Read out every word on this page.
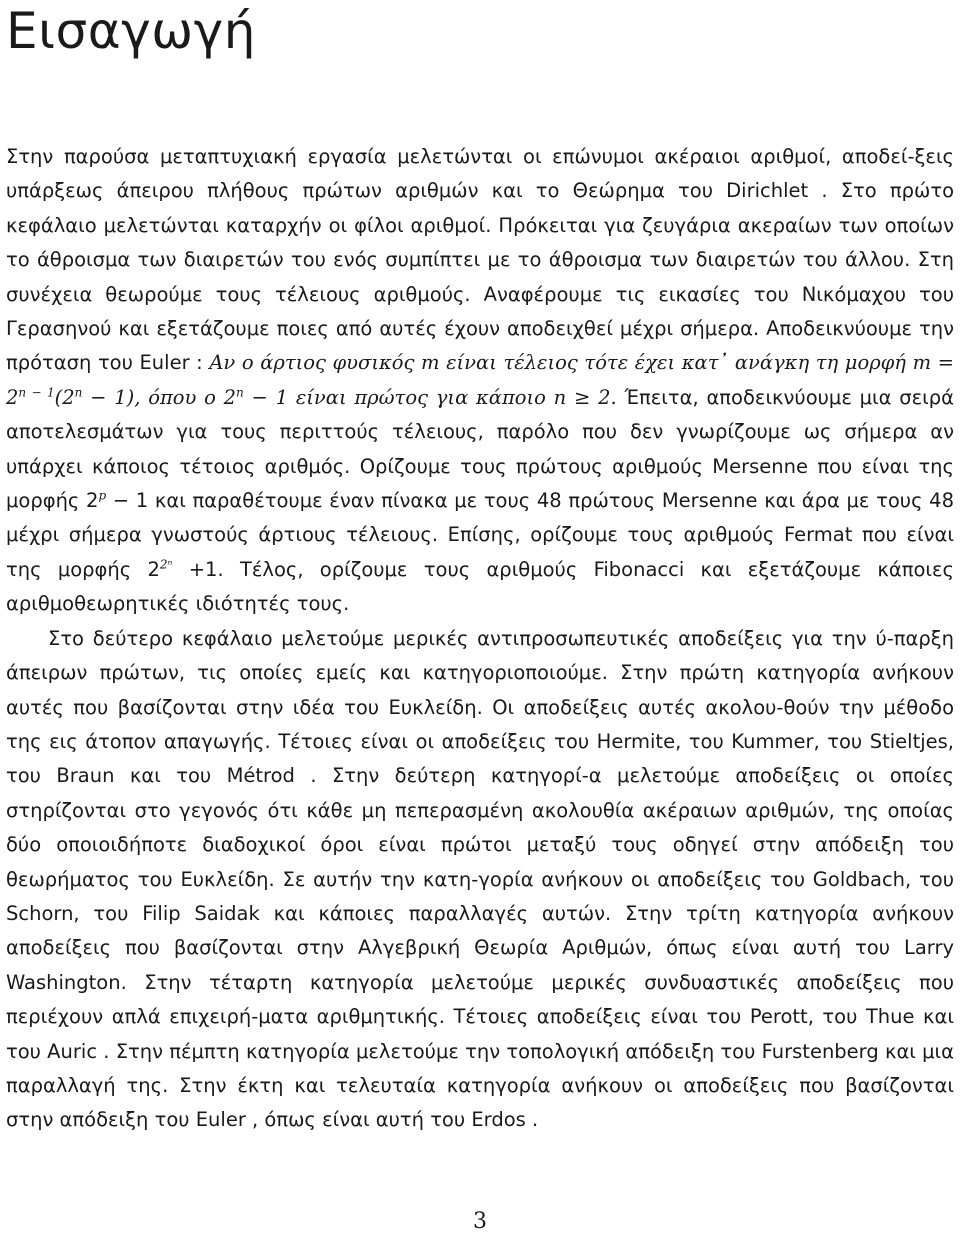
Εισαγωγή

Στην παρούσα μεταπτυχιακή εργασία μελετώνται οι επώνυμοι ακέραιοι αριθμοί, αποδεί-ξεις υπάρξεως άπειρου πλήθους πρώτων αριθμών και το Θεώρημα του Dirichlet . Στο πρώτο κεφάλαιο μελετώνται καταρχήν οι φίλοι αριθμοί. Πρόκειται για ζευγάρια ακεραίων των οποίων το άθροισμα των διαιρετών του ενός συμπίπτει με το άθροισμα των διαιρετών του άλλου. Στη συνέχεια θεωρούμε τους τέλειους αριθμούς. Αναφέρουμε τις εικασίες του Νικόμαχου του Γερασηνού και εξετάζουμε ποιες από αυτές έχουν αποδειχθεί μέχρι σήμερα. Αποδεικνύουμε την πρόταση του Euler : Αν ο άρτιος φυσικός m είναι τέλειος τότε έχει κατ᾽ ανάγκη τη μορφή $m = 2^{n - 1}(2^n - 1)$, όπου ο $2^n - 1$ είναι πρώτος για κάποιο n ≥ 2. Έπειτα, αποδεικνύουμε μια σειρά αποτελεσμάτων για τους περιττούς τέλειους, παρόλο που δεν γνωρίζουμε ως σήμερα αν υπάρχει κάποιος τέτοιος αριθμός. Ορίζουμε τους πρώτους αριθμούς Mersenne που είναι της μορφής $2^p - 1$ και παραθέτουμε έναν πίνακα με τους 48 πρώτους Mersenne και άρα με τους 48 μέχρι σήμερα γνωστούς άρτιους τέλειους. Επίσης, ορίζουμε τους αριθμούς Fermat που είναι της μορφής $2^{2^n} +1$. Τέλος, ορίζουμε τους αριθμούς Fibonacci και εξετάζουμε κάποιες αριθμοθεωρητικές ιδιότητές τους.

Στο δεύτερο κεφάλαιο μελετούμε μερικές αντιπροσωπευτικές αποδείξεις για την ύ-παρξη άπειρων πρώτων, τις οποίες εμείς και κατηγοριοποιούμε. Στην πρώτη κατηγορία ανήκουν αυτές που βασίζονται στην ιδέα του Ευκλείδη. Οι αποδείξεις αυτές ακολου-θούν την μέθοδο της εις άτοπον απαγωγής. Τέτοιες είναι οι αποδείξεις του Hermite, του Kummer, του Stieltjes, του Braun και του Métrod . Στην δεύτερη κατηγορί-α μελετούμε αποδείξεις οι οποίες στηρίζονται στο γεγονός ότι κάθε μη πεπερασμένη ακολουθία ακέραιων αριθμών, της οποίας δύο οποιοιδήποτε διαδοχικοί όροι είναι πρώτοι μεταξύ τους οδηγεί στην απόδειξη του θεωρήματος του Ευκλείδη. Σε αυτήν την κατη-γορία ανήκουν οι αποδείξεις του Goldbach, του Schorn, του Filip Saidak και κάποιες παραλλαγές αυτών. Στην τρίτη κατηγορία ανήκουν αποδείξεις που βασίζονται στην Αλγεβρική Θεωρία Αριθμών, όπως είναι αυτή του Larry Washington. Στην τέταρτη κατηγορία μελετούμε μερικές συνδυαστικές αποδείξεις που περιέχουν απλά επιχειρή-ματα αριθμητικής. Τέτοιες αποδείξεις είναι του Perott, του Thue και του Auric . Στην πέμπτη κατηγορία μελετούμε την τοπολογική απόδειξη του Furstenberg και μια παραλλαγή της. Στην έκτη και τελευταία κατηγορία ανήκουν οι αποδείξεις που βασίζονται στην απόδειξη του Euler , όπως είναι αυτή του Erdos .

3
